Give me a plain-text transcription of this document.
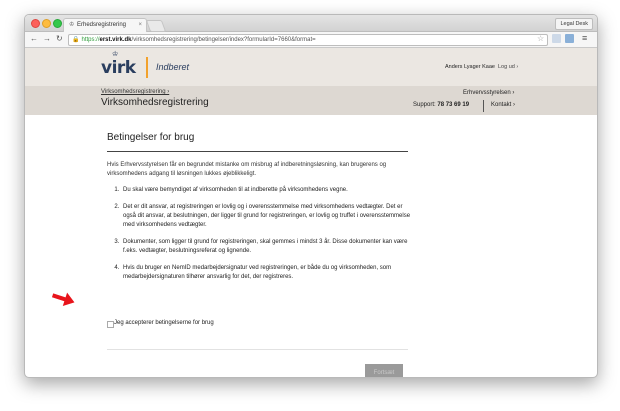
♔ Erhedsregistrering ×	Legal Desk
← → ↻	🔒 https://erst.virk.dk/virksomhedsregistrering/betingelser/index?formularId=7660&format=	☆	≡
♔
virk Indberet	Anders Lyager Kaae Log ud ›
Virksomhedsregistrering ›
Virksomhedsregistrering
Erhvervsstyrelsen ›
Support: 78 73 69 19	Kontakt ›
Betingelser for brug
Hvis Erhvervsstyrelsen får en begrundet mistanke om misbrug af indberetningsløsning, kan brugerens og virksomhedens adgang til løsningen lukkes øjeblikkeligt.
1. Du skal være bemyndiget af virksomheden til at indberette på virksomhedens vegne.
2. Det er dit ansvar, at registreringen er lovlig og i overensstemmelse med virksomhedens vedtægter. Det er også dit ansvar, at beslutningen, der ligger til grund for registreringen, er lovlig og truffet i overensstemmelse med virksomhedens vedtægter.
3. Dokumenter, som ligger til grund for registreringen, skal gemmes i mindst 3 år. Disse dokumenter kan være f.eks. vedtægter, beslutningsreferat og lignende.
4. Hvis du bruger en NemID medarbejdersignatur ved registreringen, er både du og virksomheden, som medarbejdersignaturen tilhører ansvarlig for det, der registreres.
Jeg accepterer betingelserne for brug
Fortsæt
